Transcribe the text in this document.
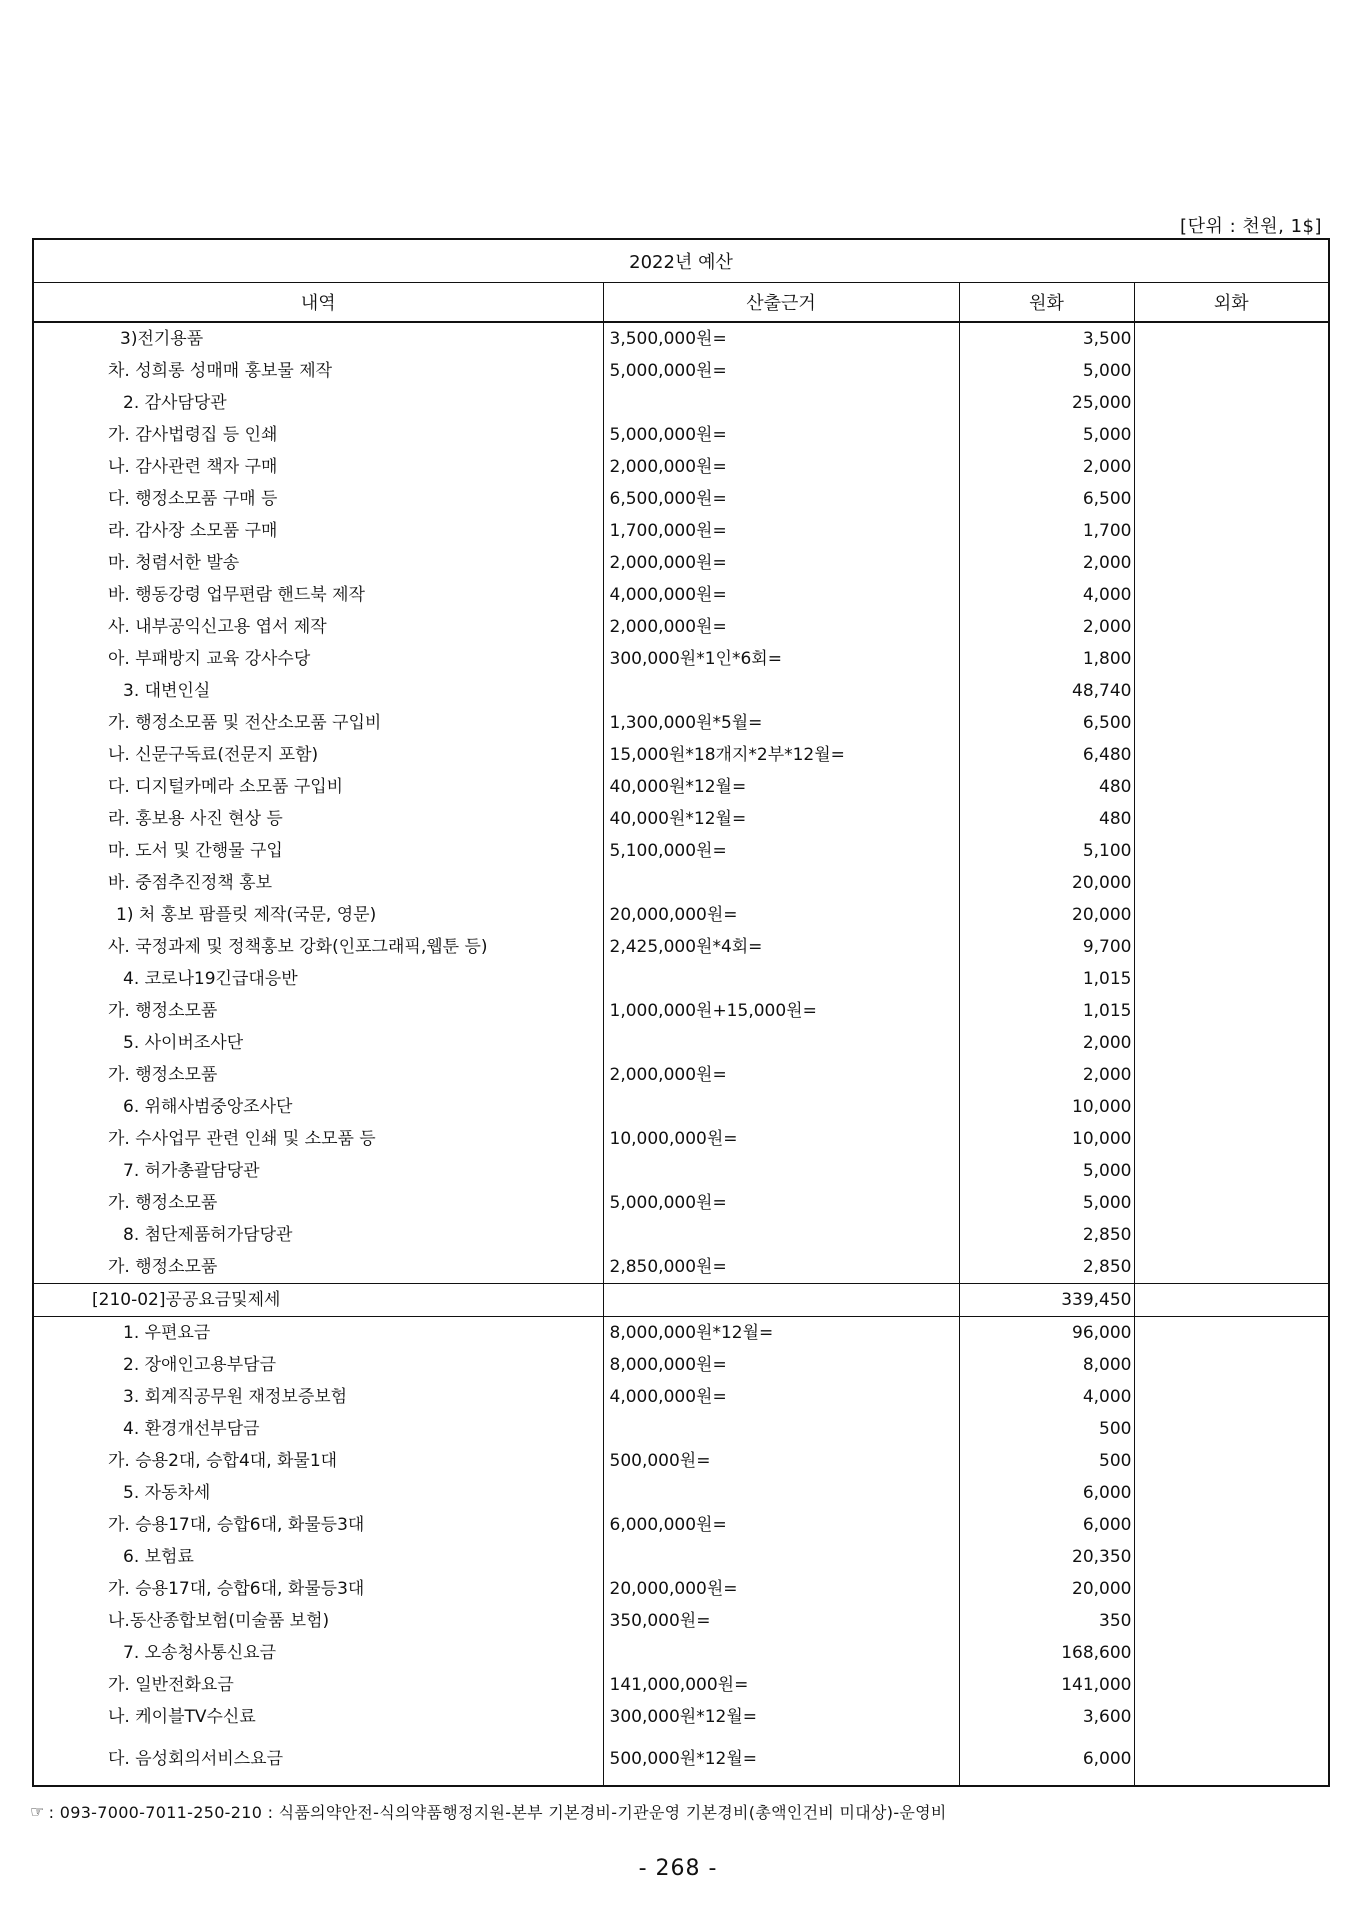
[단위 : 천원, 1$]
2022년 예산			
내역	산출근거	원화	외화
3)전기용품	3,500,000원=	3,500	
차. 성희롱 성매매 홍보물 제작	5,000,000원=	5,000	
2. 감사담당관		25,000	
가. 감사법령집 등 인쇄	5,000,000원=	5,000	
나. 감사관련 책자 구매	2,000,000원=	2,000	
다. 행정소모품 구매 등	6,500,000원=	6,500	
라. 감사장 소모품 구매	1,700,000원=	1,700	
마. 청렴서한 발송	2,000,000원=	2,000	
바. 행동강령 업무편람 핸드북 제작	4,000,000원=	4,000	
사. 내부공익신고용 엽서 제작	2,000,000원=	2,000	
아. 부패방지 교육 강사수당	300,000원*1인*6회=	1,800	
3. 대변인실		48,740	
가. 행정소모품 및 전산소모품 구입비	1,300,000원*5월=	6,500	
나. 신문구독료(전문지 포함)	15,000원*18개지*2부*12월=	6,480	
다. 디지털카메라 소모품 구입비	40,000원*12월=	480	
라. 홍보용 사진 현상 등	40,000원*12월=	480	
마. 도서 및 간행물 구입	5,100,000원=	5,100	
바. 중점추진정책 홍보		20,000	
1) 처 홍보 팜플릿 제작(국문, 영문)	20,000,000원=	20,000	
사. 국정과제 및 정책홍보 강화(인포그래픽,웹툰 등)	2,425,000원*4회=	9,700	
4. 코로나19긴급대응반		1,015	
가. 행정소모품	1,000,000원+15,000원=	1,015	
5. 사이버조사단		2,000	
가. 행정소모품	2,000,000원=	2,000	
6. 위해사범중앙조사단		10,000	
가. 수사업무 관련 인쇄 및 소모품 등	10,000,000원=	10,000	
7. 허가총괄담당관		5,000	
가. 행정소모품	5,000,000원=	5,000	
8. 첨단제품허가담당관		2,850	
가. 행정소모품	2,850,000원=	2,850	
[210-02]공공요금및제세		339,450	
1. 우편요금	8,000,000원*12월=	96,000	
2. 장애인고용부담금	8,000,000원=	8,000	
3. 회계직공무원 재정보증보험	4,000,000원=	4,000	
4. 환경개선부담금		500	
가. 승용2대, 승합4대, 화물1대	500,000원=	500	
5. 자동차세		6,000	
가. 승용17대, 승합6대, 화물등3대	6,000,000원=	6,000	
6. 보험료		20,350	
가. 승용17대, 승합6대, 화물등3대	20,000,000원=	20,000	
나.동산종합보험(미술품 보험)	350,000원=	350	
7. 오송청사통신요금		168,600	
가. 일반전화요금	141,000,000원=	141,000	
나. 케이블TV수신료	300,000원*12월=	3,600	
다. 음성회의서비스요금	500,000원*12월=	6,000	
☞ : 093-7000-7011-250-210 : 식품의약안전-식의약품행정지원-본부 기본경비-기관운영 기본경비(총액인건비 미대상)-운영비
- 268 -
